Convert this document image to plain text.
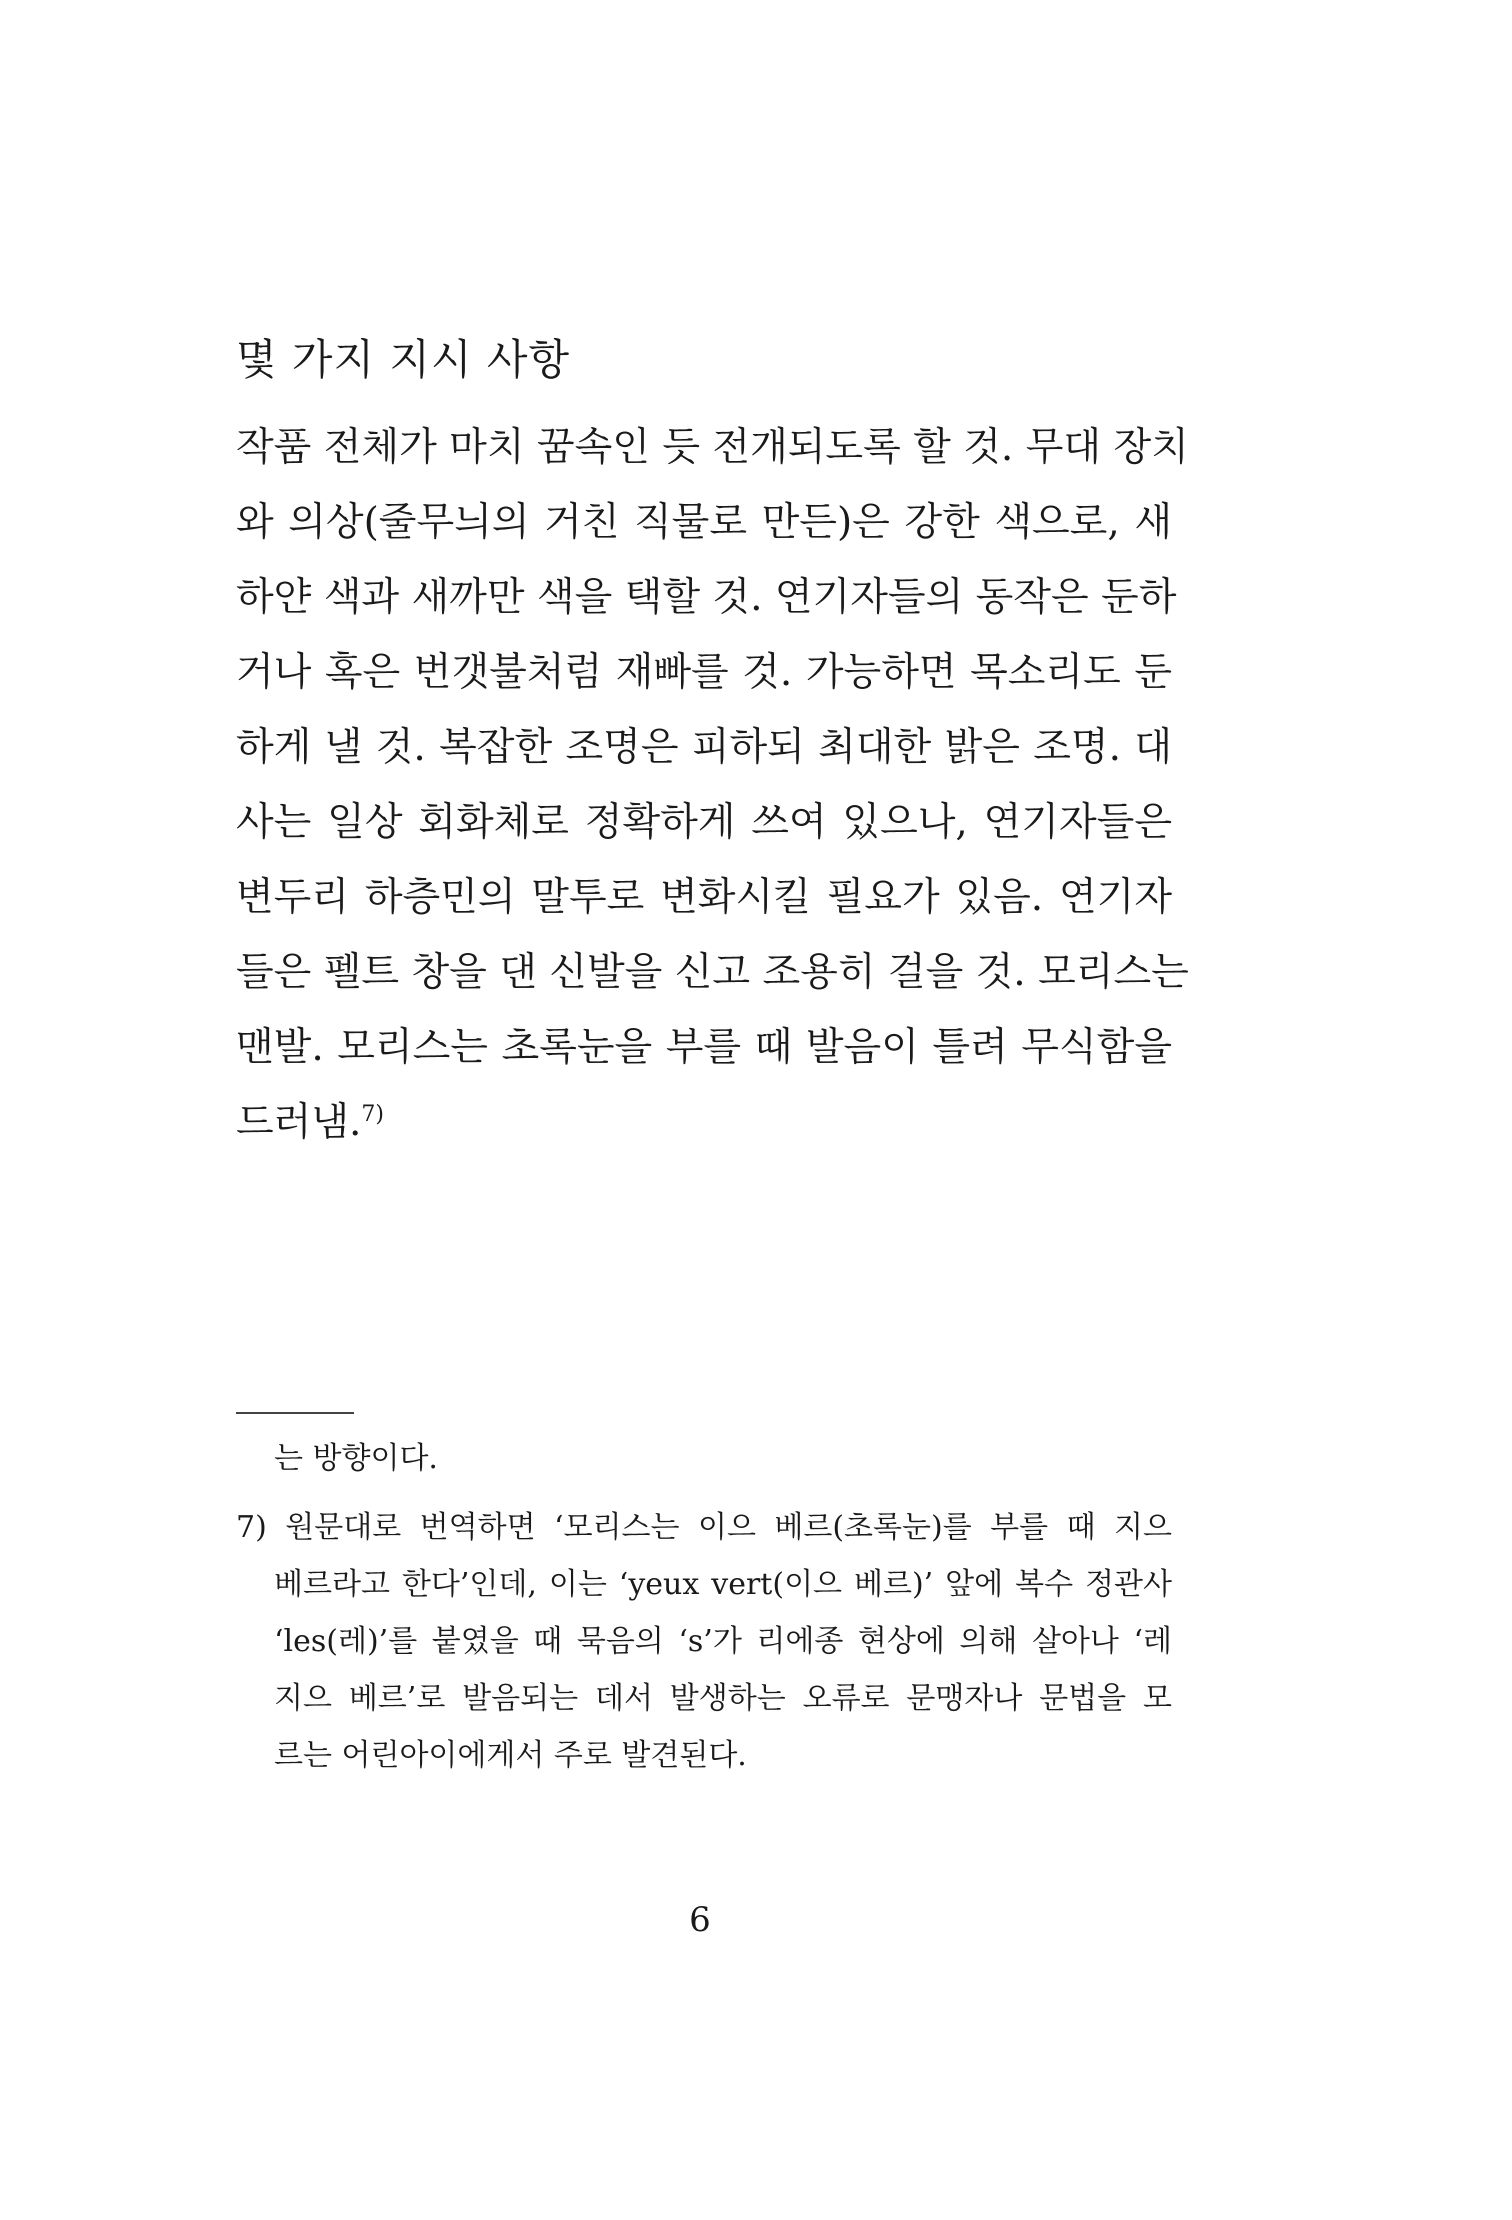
몇 가지 지시 사항
작품 전체가 마치 꿈속인 듯 전개되도록 할 것. 무대 장치
와 의상(줄무늬의 거친 직물로 만든)은 강한 색으로, 새
하얀 색과 새까만 색을 택할 것. 연기자들의 동작은 둔하
거나 혹은 번갯불처럼 재빠를 것. 가능하면 목소리도 둔
하게 낼 것. 복잡한 조명은 피하되 최대한 밝은 조명. 대
사는 일상 회화체로 정확하게 쓰여 있으나, 연기자들은
변두리 하층민의 말투로 변화시킬 필요가 있음. 연기자
들은 펠트 창을 댄 신발을 신고 조용히 걸을 것. 모리스는
맨발. 모리스는 초록눈을 부를 때 발음이 틀려 무식함을
드러냄.$^{7)}$
는 방향이다.
7) 원문대로 번역하면 ‘모리스는 이으 베르(초록눈)를 부를 때 지으
베르라고 한다’인데, 이는 ‘yeux vert(이으 베르)’ 앞에 복수 정관사
‘les(레)’를 붙였을 때 묵음의 ‘s’가 리에종 현상에 의해 살아나 ‘레
지으 베르’로 발음되는 데서 발생하는 오류로 문맹자나 문법을 모
르는 어린아이에게서 주로 발견된다.
6
